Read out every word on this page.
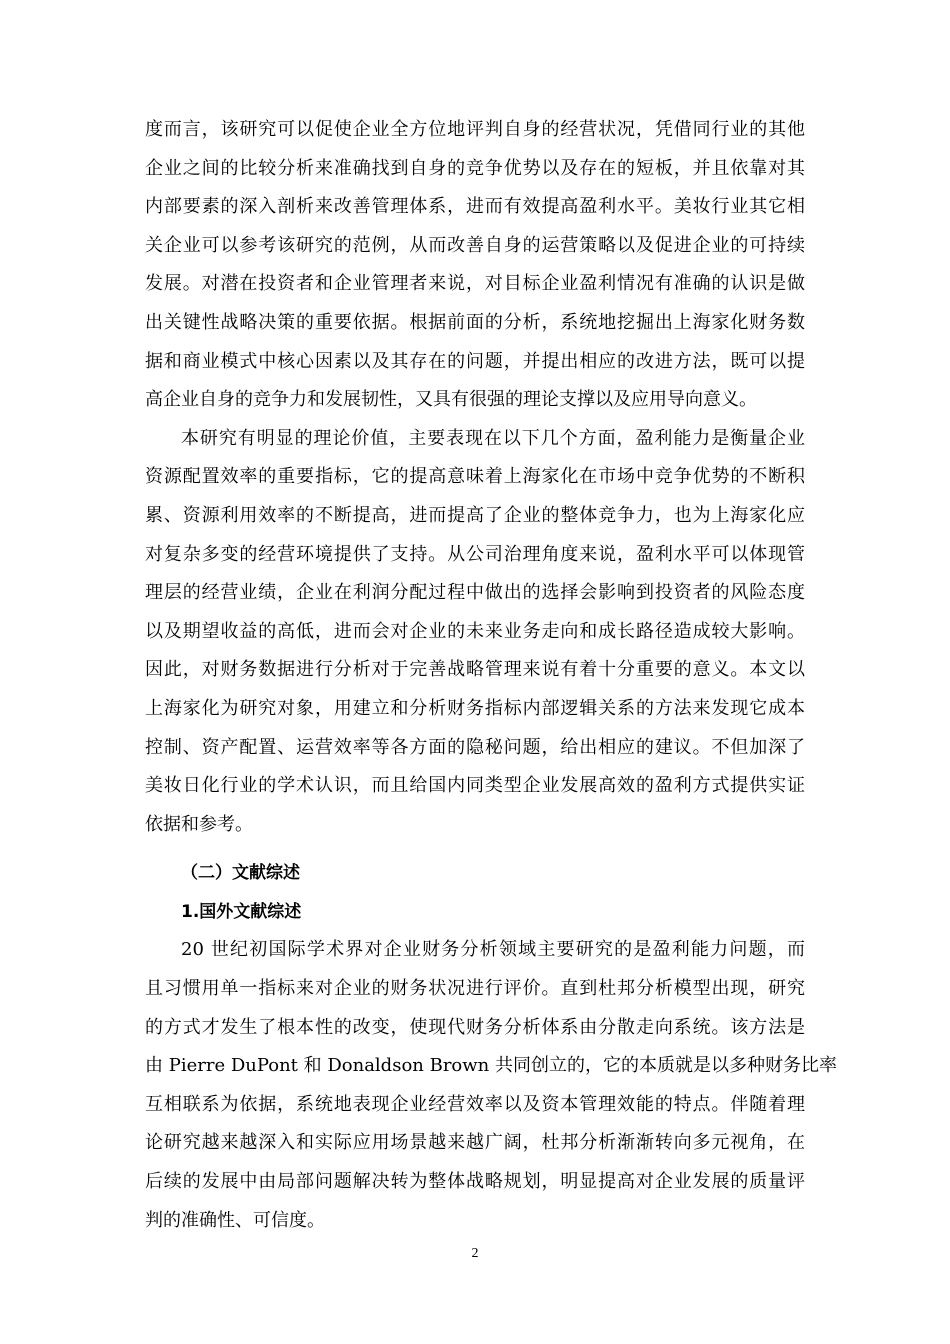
度而言，该研究可以促使企业全方位地评判自身的经营状况，凭借同行业的其他
企业之间的比较分析来准确找到自身的竞争优势以及存在的短板，并且依靠对其
内部要素的深入剖析来改善管理体系，进而有效提高盈利水平。美妆行业其它相
关企业可以参考该研究的范例，从而改善自身的运营策略以及促进企业的可持续
发展。对潜在投资者和企业管理者来说，对目标企业盈利情况有准确的认识是做
出关键性战略决策的重要依据。根据前面的分析，系统地挖掘出上海家化财务数
据和商业模式中核心因素以及其存在的问题，并提出相应的改进方法，既可以提
高企业自身的竞争力和发展韧性，又具有很强的理论支撑以及应用导向意义。
本研究有明显的理论价值，主要表现在以下几个方面，盈利能力是衡量企业
资源配置效率的重要指标，它的提高意味着上海家化在市场中竞争优势的不断积
累、资源利用效率的不断提高，进而提高了企业的整体竞争力，也为上海家化应
对复杂多变的经营环境提供了支持。从公司治理角度来说，盈利水平可以体现管
理层的经营业绩，企业在利润分配过程中做出的选择会影响到投资者的风险态度
以及期望收益的高低，进而会对企业的未来业务走向和成长路径造成较大影响。
因此，对财务数据进行分析对于完善战略管理来说有着十分重要的意义。本文以
上海家化为研究对象，用建立和分析财务指标内部逻辑关系的方法来发现它成本
控制、资产配置、运营效率等各方面的隐秘问题，给出相应的建议。不但加深了
美妆日化行业的学术认识，而且给国内同类型企业发展高效的盈利方式提供实证
依据和参考。
（二）文献综述
1.国外文献综述
20 世纪初国际学术界对企业财务分析领域主要研究的是盈利能力问题，而
且习惯用单一指标来对企业的财务状况进行评价。直到杜邦分析模型出现，研究
的方式才发生了根本性的改变，使现代财务分析体系由分散走向系统。该方法是
由 Pierre DuPont 和 Donaldson Brown 共同创立的，它的本质就是以多种财务比率
互相联系为依据，系统地表现企业经营效率以及资本管理效能的特点。伴随着理
论研究越来越深入和实际应用场景越来越广阔，杜邦分析渐渐转向多元视角，在
后续的发展中由局部问题解决转为整体战略规划，明显提高对企业发展的质量评
判的准确性、可信度。
2
